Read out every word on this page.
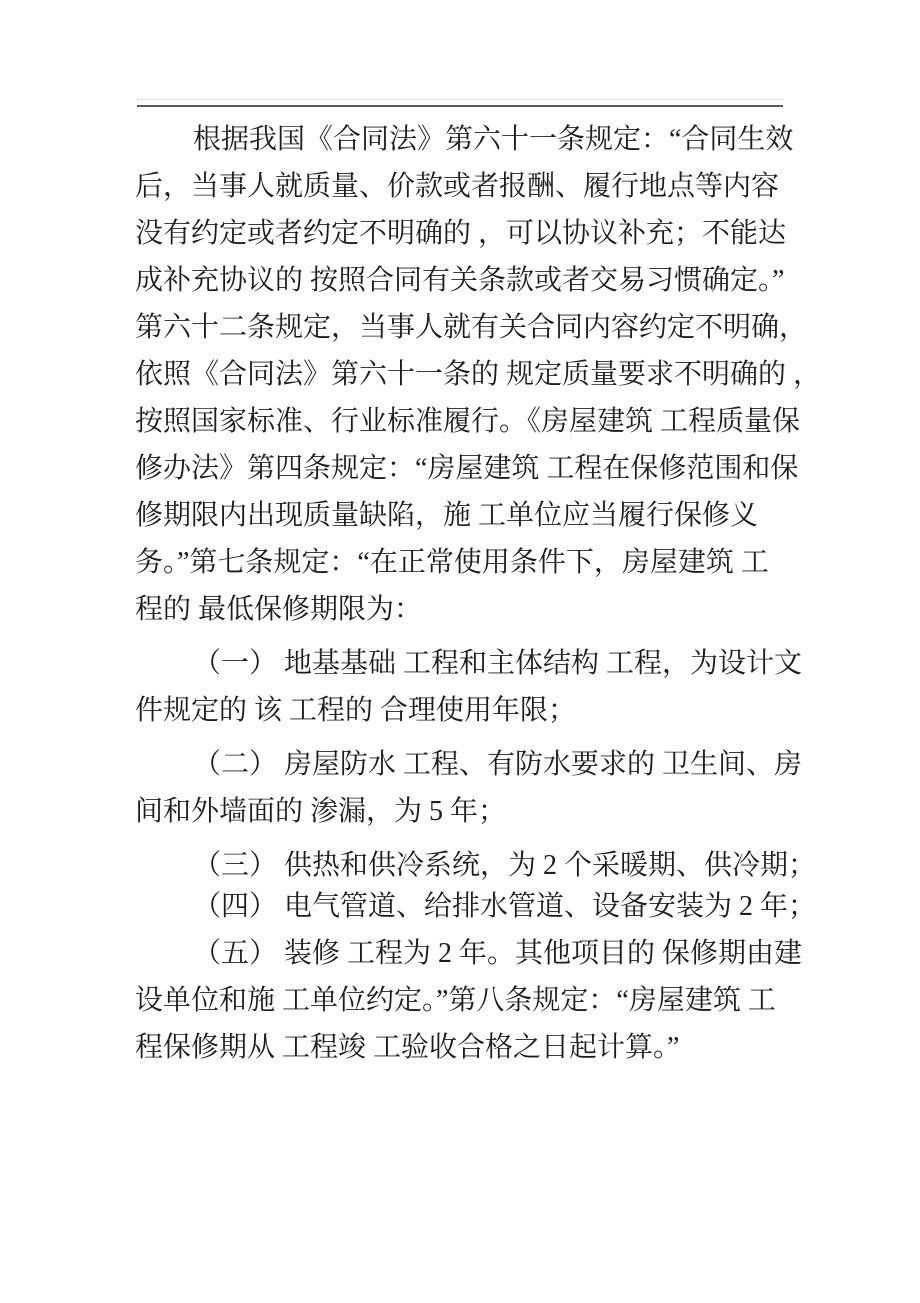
根据我国《合同法》第六十一条规定：“合同生效
后，当事人就质量、价款或者报酬、履行地点等内容
没有约定或者约定不明确的 ，可以协议补充；不能达
成补充协议的 按照合同有关条款或者交易习惯确定。”
第六十二条规定，当事人就有关合同内容约定不明确，
依照《合同法》第六十一条的 规定质量要求不明确的 ，
按照国家标准、行业标准履行。《房屋建筑 工程质量保
修办法》第四条规定：“房屋建筑 工程在保修范围和保
修期限内出现质量缺陷，施 工单位应当履行保修义
务。”第七条规定：“在正常使用条件下，房屋建筑 工
程的 最低保修期限为：
（一） 地基基础 工程和主体结构 工程，为设计文
件规定的 该 工程的 合理使用年限；
（二） 房屋防水 工程、有防水要求的 卫生间、房
间和外墙面的 渗漏，为 5 年；
（三） 供热和供冷系统，为 2 个采暖期、供冷期；
（四） 电气管道、给排水管道、设备安装为 2 年；
（五） 装修 工程为 2 年。其他项目的 保修期由建
设单位和施 工单位约定。”第八条规定：“房屋建筑 工
程保修期从 工程竣 工验收合格之日起计算。”
